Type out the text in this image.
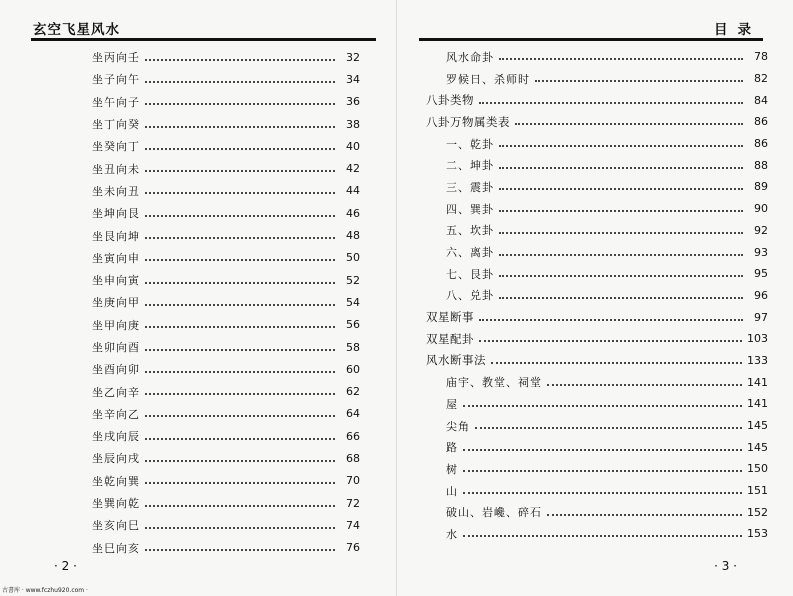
玄空飞星风水
坐丙向壬	32
坐子向午	34
坐午向子	36
坐丁向癸	38
坐癸向丁	40
坐丑向未	42
坐未向丑	44
坐坤向艮	46
坐艮向坤	48
坐寅向申	50
坐申向寅	52
坐庚向甲	54
坐甲向庚	56
坐卯向酉	58
坐酉向卯	60
坐乙向辛	62
坐辛向乙	64
坐戌向辰	66
坐辰向戌	68
坐乾向巽	70
坐巽向乾	72
坐亥向巳	74
坐巳向亥	76
· 2 ·
目录
风水命卦	78
罗候日、杀师时	82
八卦类物	84
八卦万物属类表	86
一、乾卦	86
二、坤卦	88
三、震卦	89
四、巽卦	90
五、坎卦	92
六、离卦	93
七、艮卦	95
八、兑卦	96
双星断事	97
双星配卦	103
风水断事法	133
庙宇、教堂、祠堂	141
屋	141
尖角	145
路	145
树	150
山	151
破山、岩巉、碎石	152
水	153
· 3 ·
古書库 · www.fczhu920.com ·
